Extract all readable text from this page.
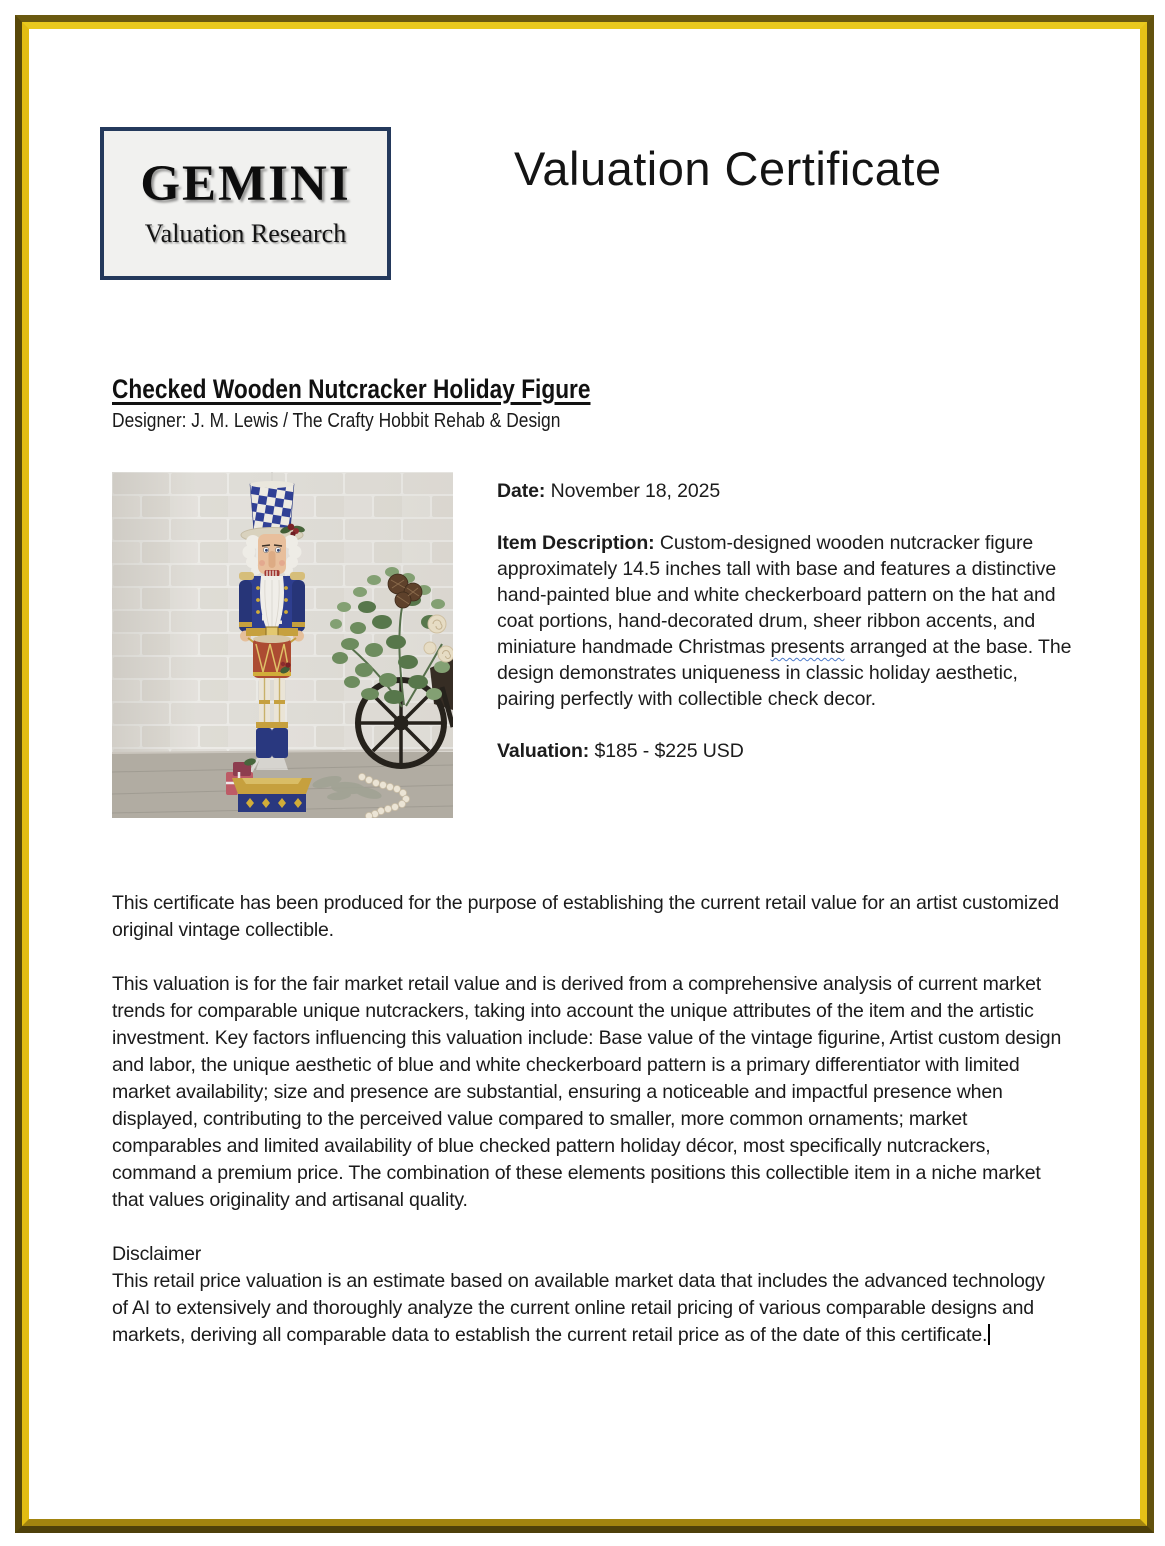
GEMINI
Valuation Research
Valuation Certificate
Checked Wooden Nutcracker Holiday Figure
Designer: J. M. Lewis / The Crafty Hobbit Rehab & Design

Date: November 18, 2025

Item Description: Custom-designed wooden nutcracker figure approximately 14.5 inches tall with base and features a distinctive hand-painted blue and white checkerboard pattern on the hat and coat portions, hand-decorated drum, sheer ribbon accents, and miniature handmade Christmas presents arranged at the base. The design demonstrates uniqueness in classic holiday aesthetic, pairing perfectly with collectible check decor.

Valuation: $185 - $225 USD

This certificate has been produced for the purpose of establishing the current retail value for an artist customized original vintage collectible.

This valuation is for the fair market retail value and is derived from a comprehensive analysis of current market trends for comparable unique nutcrackers, taking into account the unique attributes of the item and the artistic investment. Key factors influencing this valuation include: Base value of the vintage figurine, Artist custom design and labor, the unique aesthetic of blue and white checkerboard pattern is a primary differentiator with limited market availability; size and presence are substantial, ensuring a noticeable and impactful presence when displayed, contributing to the perceived value compared to smaller, more common ornaments; market comparables and limited availability of blue checked pattern holiday décor, most specifically nutcrackers, command a premium price. The combination of these elements positions this collectible item in a niche market that values originality and artisanal quality.

Disclaimer

This retail price valuation is an estimate based on available market data that includes the advanced technology of AI to extensively and thoroughly analyze the current online retail pricing of various comparable designs and markets, deriving all comparable data to establish the current retail price as of the date of this certificate.
